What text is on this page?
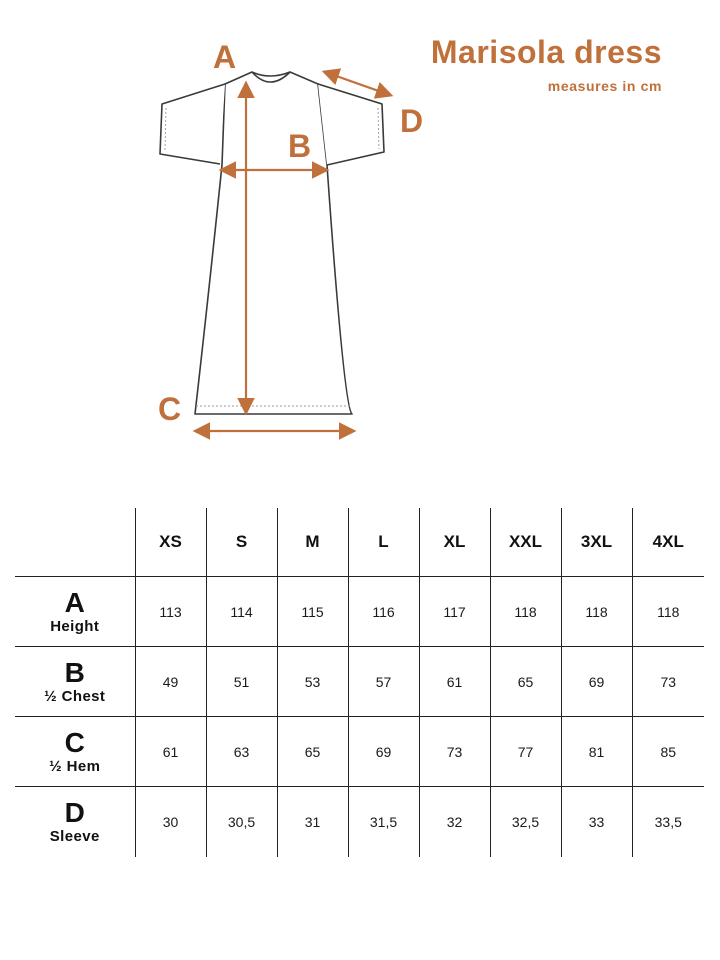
Marisola dress
measures in cm
A
B
C
D
	XS	S	M	L	XL	XXL	3XL	4XL

A
Height	113	114	115	116	117	118	118	118

B
½ Chest	49	51	53	57	61	65	69	73

C
½ Hem	61	63	65	69	73	77	81	85

D
Sleeve	30	30,5	31	31,5	32	32,5	33	33,5
